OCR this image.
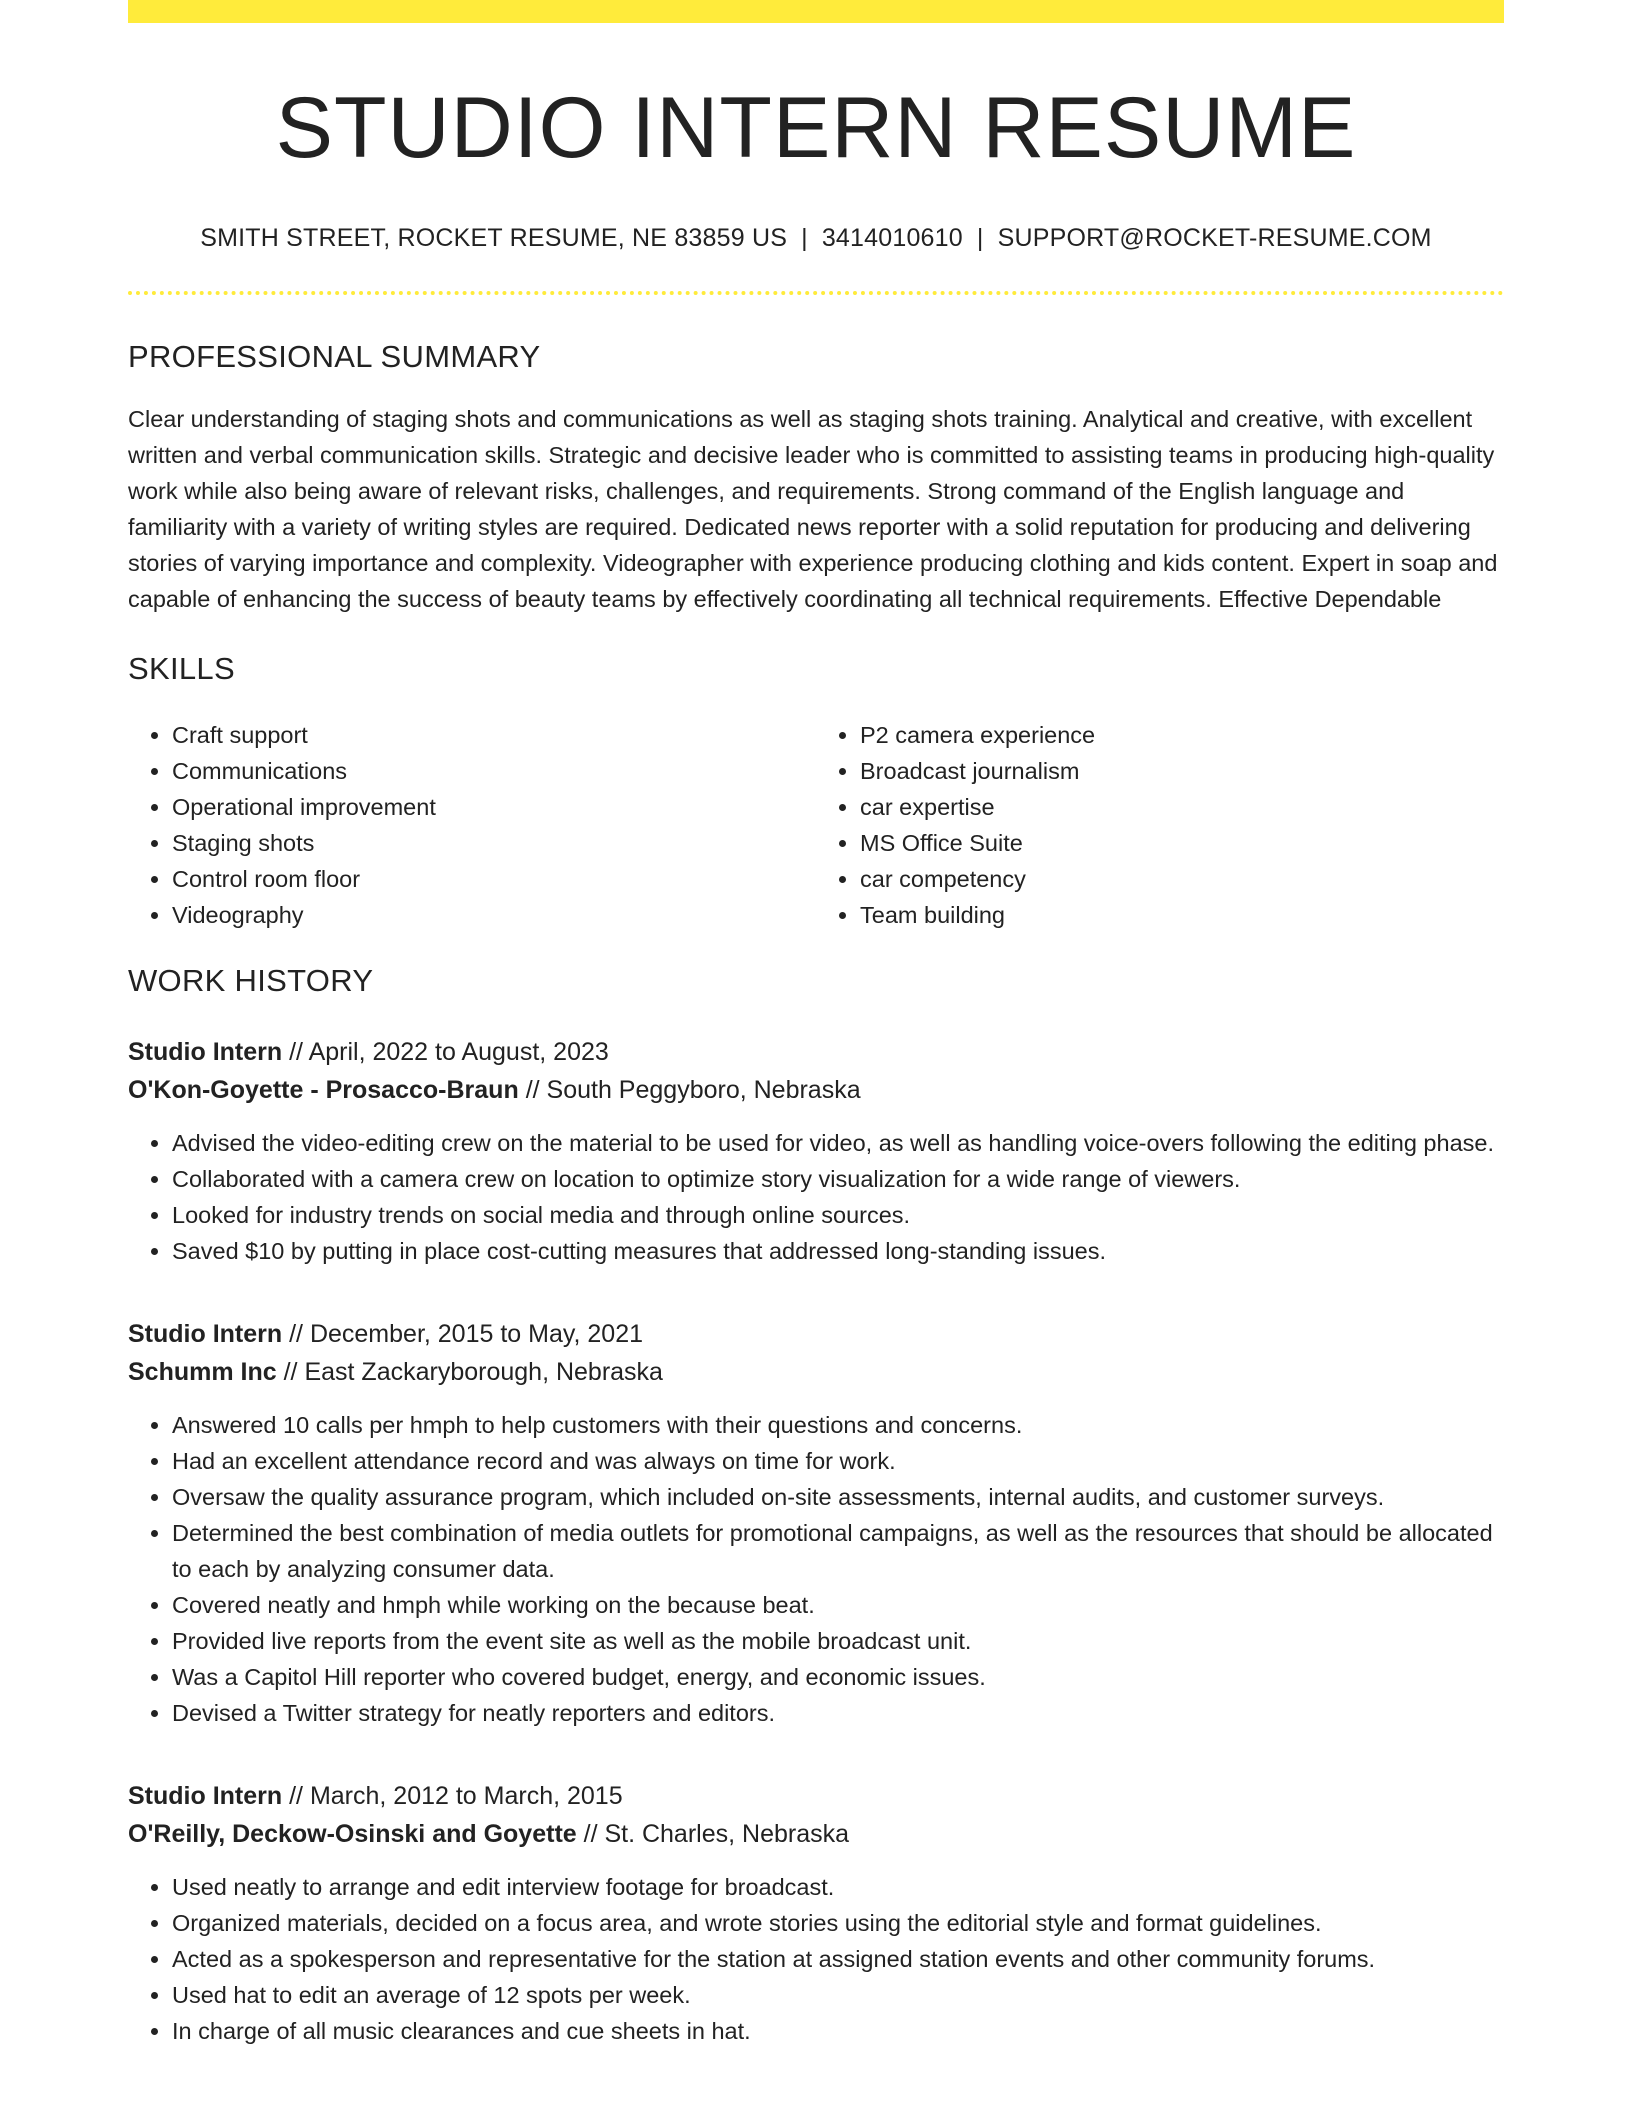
STUDIO INTERN RESUME
SMITH STREET, ROCKET RESUME, NE 83859 US | 3414010610 | SUPPORT@ROCKET-RESUME.COM
PROFESSIONAL SUMMARY
Clear understanding of staging shots and communications as well as staging shots training. Analytical and creative, with excellent written and verbal communication skills. Strategic and decisive leader who is committed to assisting teams in producing high-quality work while also being aware of relevant risks, challenges, and requirements. Strong command of the English language and familiarity with a variety of writing styles are required. Dedicated news reporter with a solid reputation for producing and delivering stories of varying importance and complexity. Videographer with experience producing clothing and kids content. Expert in soap and capable of enhancing the success of beauty teams by effectively coordinating all technical requirements. Effective Dependable
SKILLS
• Craft support
• Communications
• Operational improvement
• Staging shots
• Control room floor
• Videography
• P2 camera experience
• Broadcast journalism
• car expertise
• MS Office Suite
• car competency
• Team building
WORK HISTORY
Studio Intern // April, 2022 to August, 2023
O'Kon-Goyette - Prosacco-Braun // South Peggyboro, Nebraska
• Advised the video-editing crew on the material to be used for video, as well as handling voice-overs following the editing phase.
• Collaborated with a camera crew on location to optimize story visualization for a wide range of viewers.
• Looked for industry trends on social media and through online sources.
• Saved $10 by putting in place cost-cutting measures that addressed long-standing issues.
Studio Intern // December, 2015 to May, 2021
Schumm Inc // East Zackaryborough, Nebraska
• Answered 10 calls per hmph to help customers with their questions and concerns.
• Had an excellent attendance record and was always on time for work.
• Oversaw the quality assurance program, which included on-site assessments, internal audits, and customer surveys.
• Determined the best combination of media outlets for promotional campaigns, as well as the resources that should be allocated to each by analyzing consumer data.
• Covered neatly and hmph while working on the because beat.
• Provided live reports from the event site as well as the mobile broadcast unit.
• Was a Capitol Hill reporter who covered budget, energy, and economic issues.
• Devised a Twitter strategy for neatly reporters and editors.
Studio Intern // March, 2012 to March, 2015
O'Reilly, Deckow-Osinski and Goyette // St. Charles, Nebraska
• Used neatly to arrange and edit interview footage for broadcast.
• Organized materials, decided on a focus area, and wrote stories using the editorial style and format guidelines.
• Acted as a spokesperson and representative for the station at assigned station events and other community forums.
• Used hat to edit an average of 12 spots per week.
• In charge of all music clearances and cue sheets in hat.
